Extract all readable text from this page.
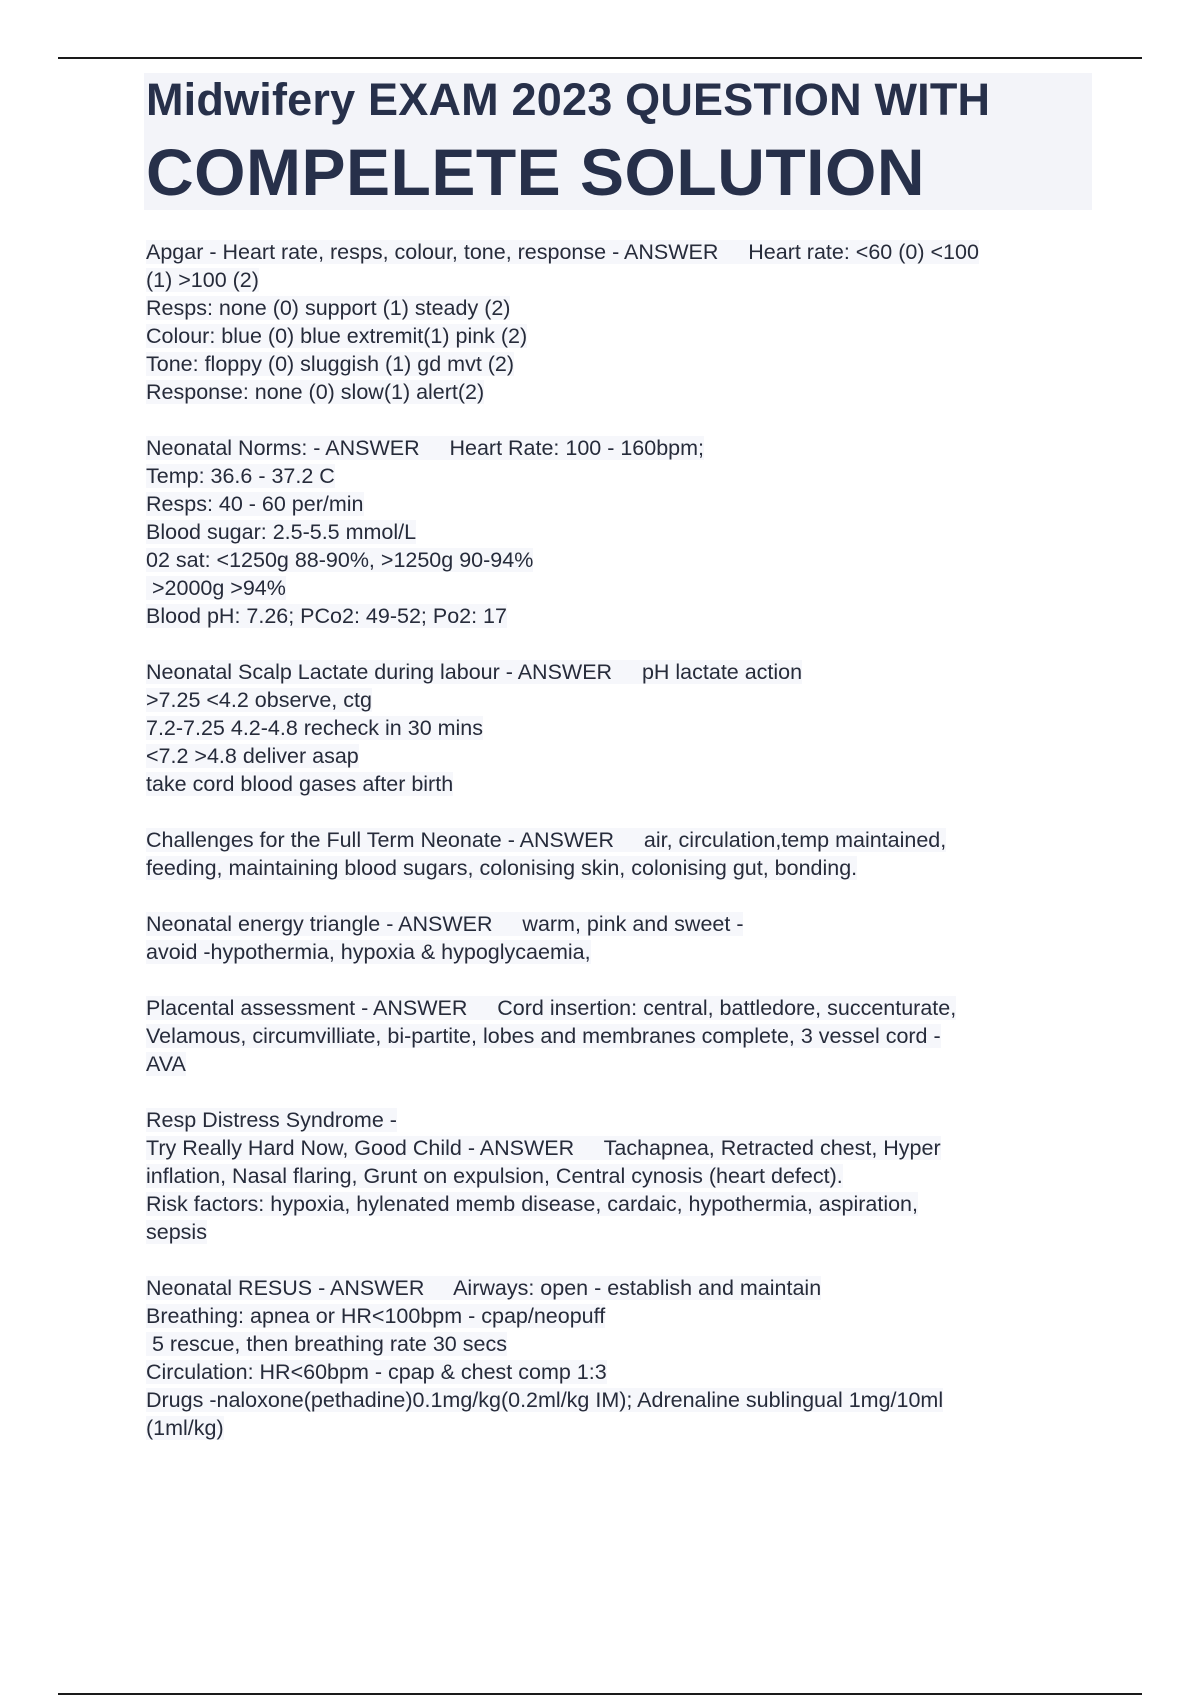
Midwifery EXAM 2023 QUESTION WITH
COMPELETE SOLUTION
Apgar - Heart rate, resps, colour, tone, response - ANSWER     Heart rate: <60 (0) <100
(1) >100 (2)
Resps: none (0) support (1) steady (2)
Colour: blue (0) blue extremit(1) pink (2)
Tone: floppy (0) sluggish (1) gd mvt (2)
Response: none (0) slow(1) alert(2)
Neonatal Norms: - ANSWER     Heart Rate: 100 - 160bpm;
Temp: 36.6 - 37.2 C
Resps: 40 - 60 per/min
Blood sugar: 2.5-5.5 mmol/L
02 sat: <1250g 88-90%, >1250g 90-94%
>2000g >94%
Blood pH: 7.26; PCo2: 49-52; Po2: 17
Neonatal Scalp Lactate during labour - ANSWER     pH lactate action
>7.25 <4.2 observe, ctg
7.2-7.25 4.2-4.8 recheck in 30 mins
<7.2 >4.8 deliver asap
take cord blood gases after birth
Challenges for the Full Term Neonate - ANSWER     air, circulation,temp maintained,
feeding, maintaining blood sugars, colonising skin, colonising gut, bonding.
Neonatal energy triangle - ANSWER     warm, pink and sweet -
avoid -hypothermia, hypoxia & hypoglycaemia,
Placental assessment - ANSWER     Cord insertion: central, battledore, succenturate,
Velamous, circumvilliate, bi-partite, lobes and membranes complete, 3 vessel cord -
AVA
Resp Distress Syndrome -
Try Really Hard Now, Good Child - ANSWER     Tachapnea, Retracted chest, Hyper
inflation, Nasal flaring, Grunt on expulsion, Central cynosis (heart defect).
Risk factors: hypoxia, hylenated memb disease, cardaic, hypothermia, aspiration,
sepsis
Neonatal RESUS - ANSWER     Airways: open - establish and maintain
Breathing: apnea or HR<100bpm - cpap/neopuff
5 rescue, then breathing rate 30 secs
Circulation: HR<60bpm - cpap & chest comp 1:3
Drugs -naloxone(pethadine)0.1mg/kg(0.2ml/kg IM); Adrenaline sublingual 1mg/10ml
(1ml/kg)
